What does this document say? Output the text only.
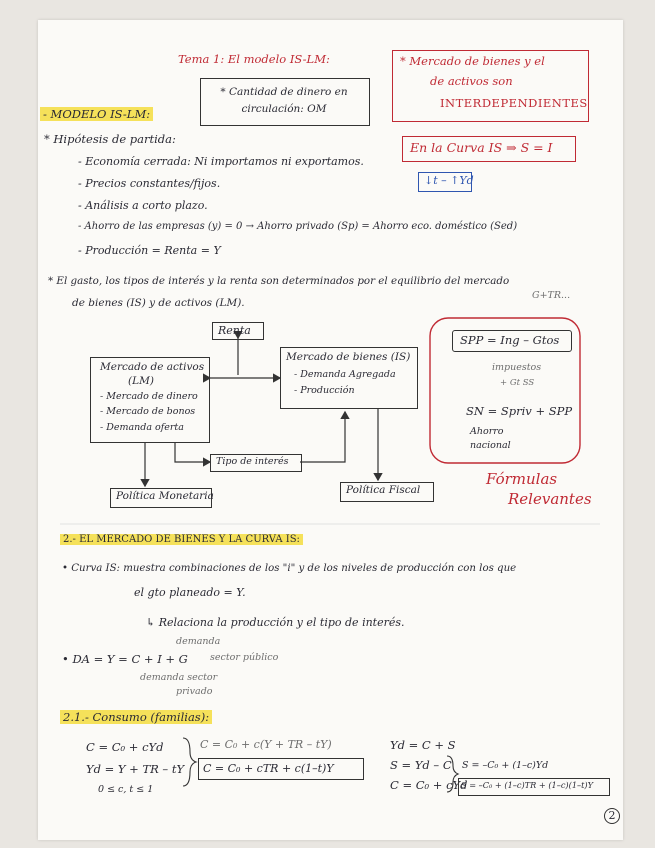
Tema 1: El modelo IS-LM:
* Cantidad de dinero en circulación: OM
* Mercado de bienes y el
de activos son
INTERDEPENDIENTES
En la Curva IS ⇒ S = I
↓t – ↑Yd
- MODELO IS-LM:
* Hipótesis de partida:
- Economía cerrada: Ni importamos ni exportamos.
- Precios constantes/fijos.
- Análisis a corto plazo.
- Ahorro de las empresas (y) = 0 → Ahorro privado (Sp) = Ahorro eco. doméstico (Sed)
- Producción = Renta = Y
* El gasto, los tipos de interés y la renta son determinados por el equilibrio del mercado
de bienes (IS) y de activos (LM).
Renta
Mercado de activos
(LM)
- Mercado de dinero
- Mercado de bonos
- Demanda oferta
Mercado de bienes (IS)
- Demanda Agregada
- Producción
Tipo de interés
Política Monetaria	Política Fiscal
G+TR...
SPP = Ing – Gtos
impuestos
+ Gt SS
SN = Spriv + SPP
Ahorro
nacional
Fórmulas
Relevantes
2.- EL MERCADO DE BIENES Y LA CURVA IS:
• Curva IS: muestra combinaciones de los "i" y de los niveles de producción con los que
el gto planeado = Y.
↳ Relaciona la producción y el tipo de interés.
demanda
• DA = Y = C + I + G sector público
demanda sector
privado
2.1.- Consumo (familias):
C = C₀ + cYd
Yd = Y + TR – tY
0 ≤ c, t ≤ 1
C = C₀ + c(Y + TR – tY)
C = C₀ + cTR + c(1–t)Y
Yd = C + S
S = Yd – C
C = C₀ + cYd
S = –C₀ + (1–c)Yd
S = –C₀ + (1–c)TR + (1–c)(1–t)Y
2
